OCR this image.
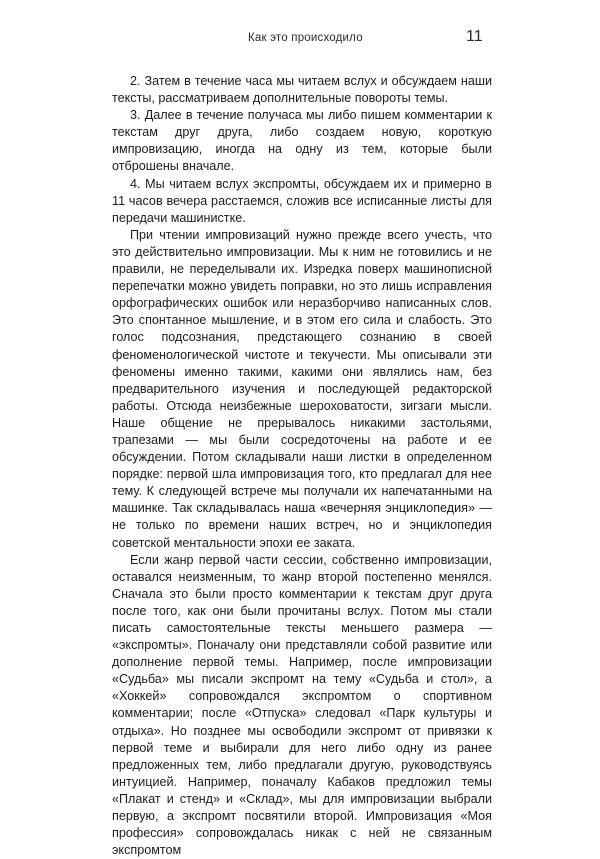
Как это происходило	11

2. Затем в течение часа мы читаем вслух и обсуждаем наши тексты, рассматриваем дополнительные повороты темы.

3. Далее в течение получаса мы либо пишем комментарии к текстам друг друга, либо создаем новую, короткую импровизацию, иногда на одну из тем, которые были отброшены вначале.

4. Мы читаем вслух экспромты, обсуждаем их и примерно в 11 часов вечера расстаемся, сложив все исписанные листы для передачи машинистке.

При чтении импровизаций нужно прежде всего учесть, что это действительно импровизации. Мы к ним не готовились и не правили, не переделывали их. Изредка поверх машинописной перепечатки можно увидеть поправки, но это лишь исправления орфографических ошибок или неразборчиво написанных слов. Это спонтанное мышление, и в этом его сила и слабость. Это голос подсознания, предстающего сознанию в своей феноменологической чистоте и текучести. Мы описывали эти феномены именно такими, какими они являлись нам, без предварительного изучения и последующей редакторской работы. Отсюда неизбежные шероховатости, зигзаги мысли. Наше общение не прерывалось никакими застольями, трапезами — мы были сосредоточены на работе и ее обсуждении. Потом складывали наши листки в определенном порядке: первой шла импровизация того, кто предлагал для нее тему. К следующей встрече мы получали их напечатанными на машинке. Так складывалась наша «вечерняя энциклопедия» — не только по времени наших встреч, но и энциклопедия советской ментальности эпохи ее заката.

Если жанр первой части сессии, собственно импровизации, оставался неизменным, то жанр второй постепенно менялся. Сначала это были просто комментарии к текстам друг друга после того, как они были прочитаны вслух. Потом мы стали писать самостоятельные тексты меньшего размера — «экспромты». Поначалу они представляли собой развитие или дополнение первой темы. Например, после импровизации «Судьба» мы писали экспромт на тему «Судьба и стол», а «Хоккей» сопровождался экспромтом о спортивном комментарии; после «Отпуска» следовал «Парк культуры и отдыха». Но позднее мы освободили экспромт от привязки к первой теме и выбирали для него либо одну из ранее предложенных тем, либо предлагали другую, руководствуясь интуицией. Например, поначалу Кабаков предложил темы «Плакат и стенд» и «Склад», мы для импровизации выбрали первую, а экспромт посвятили второй. Импровизация «Моя профессия» сопровождалась никак с ней не связанным экспромтом
